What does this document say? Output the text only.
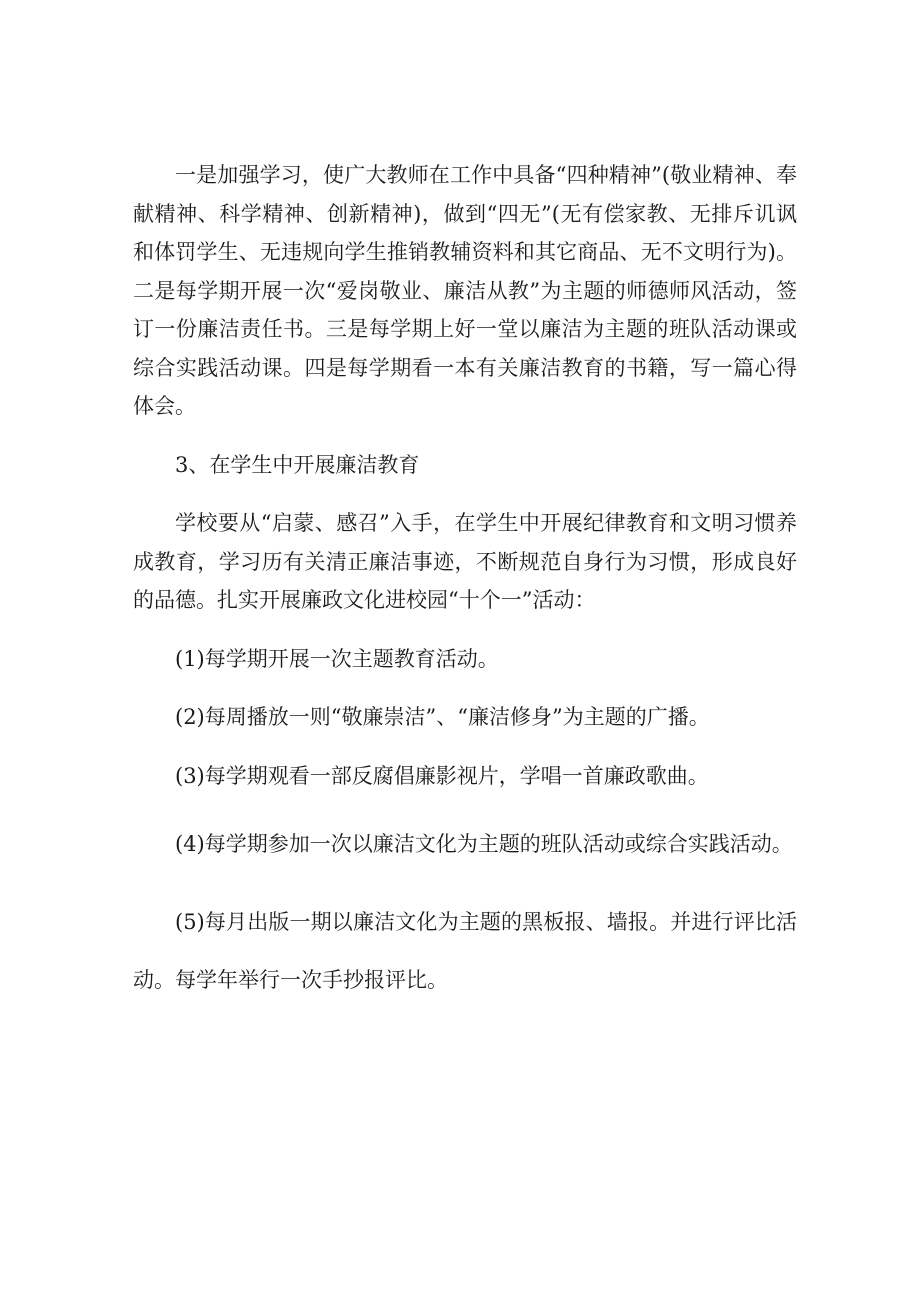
一是加强学习，使广大教师在工作中具备“四种精神”(敬业精神、奉献精神、科学精神、创新精神)，做到“四无”(无有偿家教、无排斥讥讽和体罚学生、无违规向学生推销教辅资料和其它商品、无不文明行为)。二是每学期开展一次“爱岗敬业、廉洁从教”为主题的师德师风活动，签订一份廉洁责任书。三是每学期上好一堂以廉洁为主题的班队活动课或综合实践活动课。四是每学期看一本有关廉洁教育的书籍，写一篇心得体会。

3、在学生中开展廉洁教育

学校要从“启蒙、感召”入手，在学生中开展纪律教育和文明习惯养成教育，学习历有关清正廉洁事迹，不断规范自身行为习惯，形成良好的品德。扎实开展廉政文化进校园“十个一”活动：

(1)每学期开展一次主题教育活动。

(2)每周播放一则“敬廉崇洁”、“廉洁修身”为主题的广播。

(3)每学期观看一部反腐倡廉影视片，学唱一首廉政歌曲。

(4)每学期参加一次以廉洁文化为主题的班队活动或综合实践活动。

(5)每月出版一期以廉洁文化为主题的黑板报、墙报。并进行评比活动。每学年举行一次手抄报评比。
